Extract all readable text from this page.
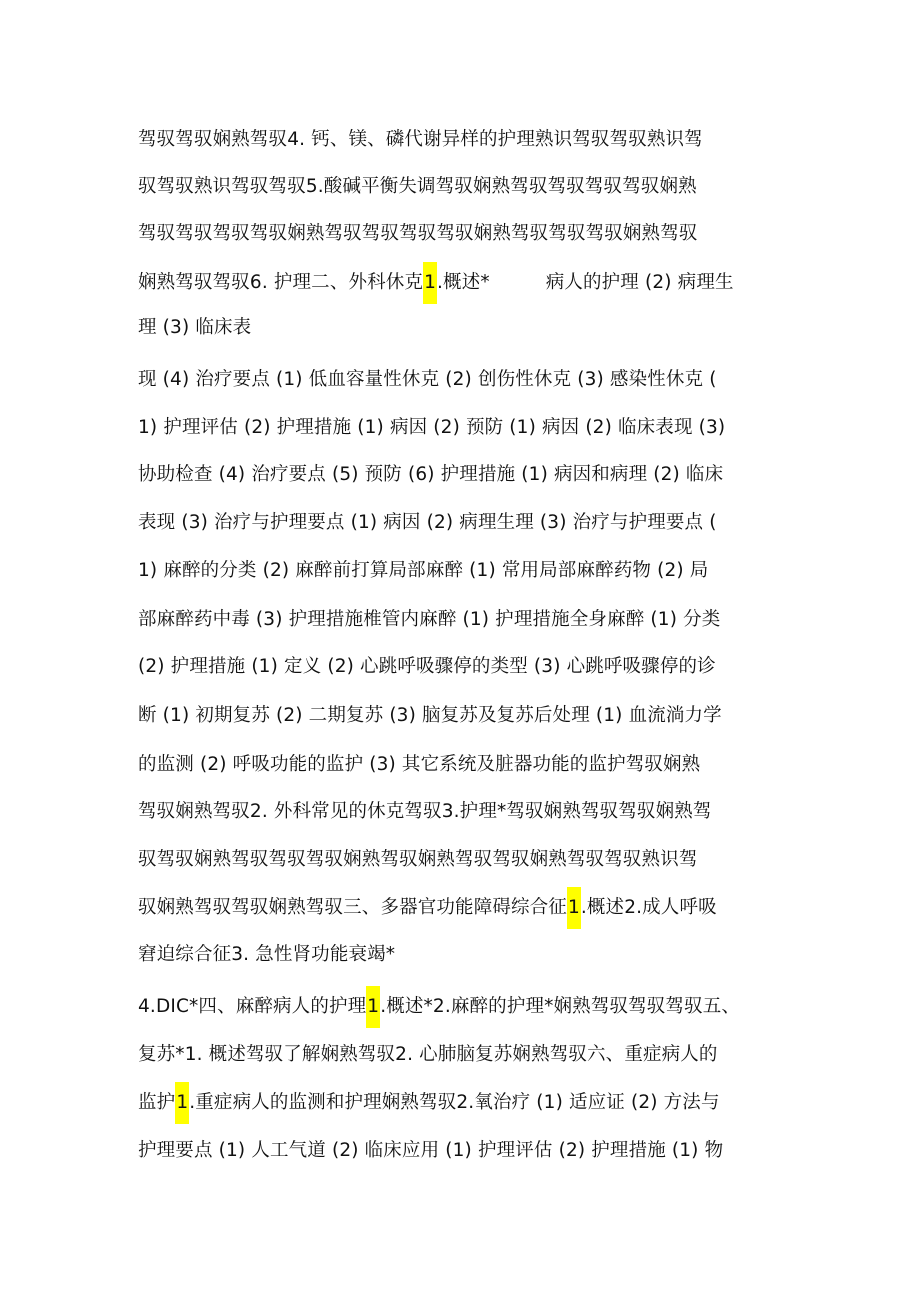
驾驭驾驭娴熟驾驭4. 钙、镁、磷代谢异样的护理熟识驾驭驾驭熟识驾
驭驾驭熟识驾驭驾驭5.酸碱平衡失调驾驭娴熟驾驭驾驭驾驭驾驭娴熟
驾驭驾驭驾驭驾驭娴熟驾驭驾驭驾驭驾驭娴熟驾驭驾驭驾驭娴熟驾驭
娴熟驾驭驾驭6. 护理二、外科休克1.概述*　　　病人的护理 (2) 病理生
理 (3) 临床表
现 (4) 治疗要点 (1) 低血容量性休克 (2) 创伤性休克 (3) 感染性休克 (
1) 护理评估 (2) 护理措施 (1) 病因 (2) 预防 (1) 病因 (2) 临床表现 (3)
协助检查 (4) 治疗要点 (5) 预防 (6) 护理措施 (1) 病因和病理 (2) 临床
表现 (3) 治疗与护理要点 (1) 病因 (2) 病理生理 (3) 治疗与护理要点 (
1) 麻醉的分类 (2) 麻醉前打算局部麻醉 (1) 常用局部麻醉药物 (2) 局
部麻醉药中毒 (3) 护理措施椎管内麻醉 (1) 护理措施全身麻醉 (1) 分类
(2) 护理措施 (1) 定义 (2) 心跳呼吸骤停的类型 (3) 心跳呼吸骤停的诊
断 (1) 初期复苏 (2) 二期复苏 (3) 脑复苏及复苏后处理 (1) 血流淌力学
的监测 (2) 呼吸功能的监护 (3) 其它系统及脏器功能的监护驾驭娴熟
驾驭娴熟驾驭2. 外科常见的休克驾驭3.护理*驾驭娴熟驾驭驾驭娴熟驾
驭驾驭娴熟驾驭驾驭驾驭娴熟驾驭娴熟驾驭驾驭娴熟驾驭驾驭熟识驾
驭娴熟驾驭驾驭娴熟驾驭三、多器官功能障碍综合征1.概述2.成人呼吸
窘迫综合征3. 急性肾功能衰竭*
4.DIC*四、麻醉病人的护理1.概述*2.麻醉的护理*娴熟驾驭驾驭驾驭五、
复苏*1. 概述驾驭了解娴熟驾驭2. 心肺脑复苏娴熟驾驭六、重症病人的
监护1.重症病人的监测和护理娴熟驾驭2.氧治疗 (1) 适应证 (2) 方法与
护理要点 (1) 人工气道 (2) 临床应用 (1) 护理评估 (2) 护理措施 (1) 物
